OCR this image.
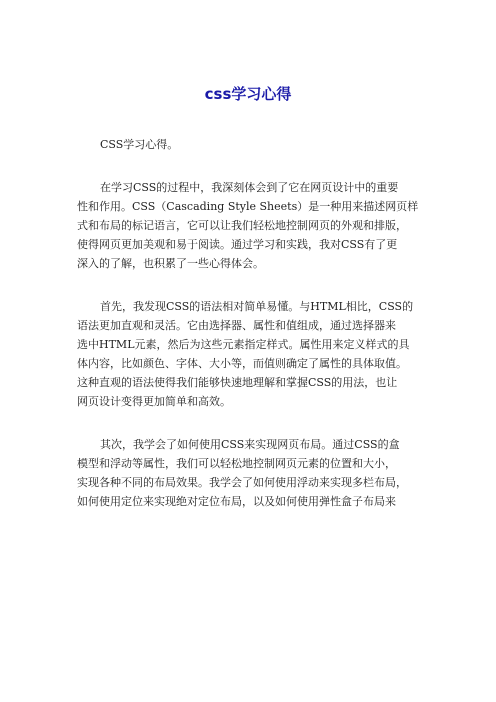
css学习心得

CSS学习心得。

在学习CSS的过程中，我深刻体会到了它在网页设计中的重要

性和作用。CSS（Cascading Style Sheets）是一种用来描述网页样

式和布局的标记语言，它可以让我们轻松地控制网页的外观和排版，

使得网页更加美观和易于阅读。通过学习和实践，我对CSS有了更

深入的了解，也积累了一些心得体会。

首先，我发现CSS的语法相对简单易懂。与HTML相比，CSS的

语法更加直观和灵活。它由选择器、属性和值组成，通过选择器来

选中HTML元素，然后为这些元素指定样式。属性用来定义样式的具

体内容，比如颜色、字体、大小等，而值则确定了属性的具体取值。

这种直观的语法使得我们能够快速地理解和掌握CSS的用法，也让

网页设计变得更加简单和高效。

其次，我学会了如何使用CSS来实现网页布局。通过CSS的盒

模型和浮动等属性，我们可以轻松地控制网页元素的位置和大小，

实现各种不同的布局效果。我学会了如何使用浮动来实现多栏布局，

如何使用定位来实现绝对定位布局，以及如何使用弹性盒子布局来
